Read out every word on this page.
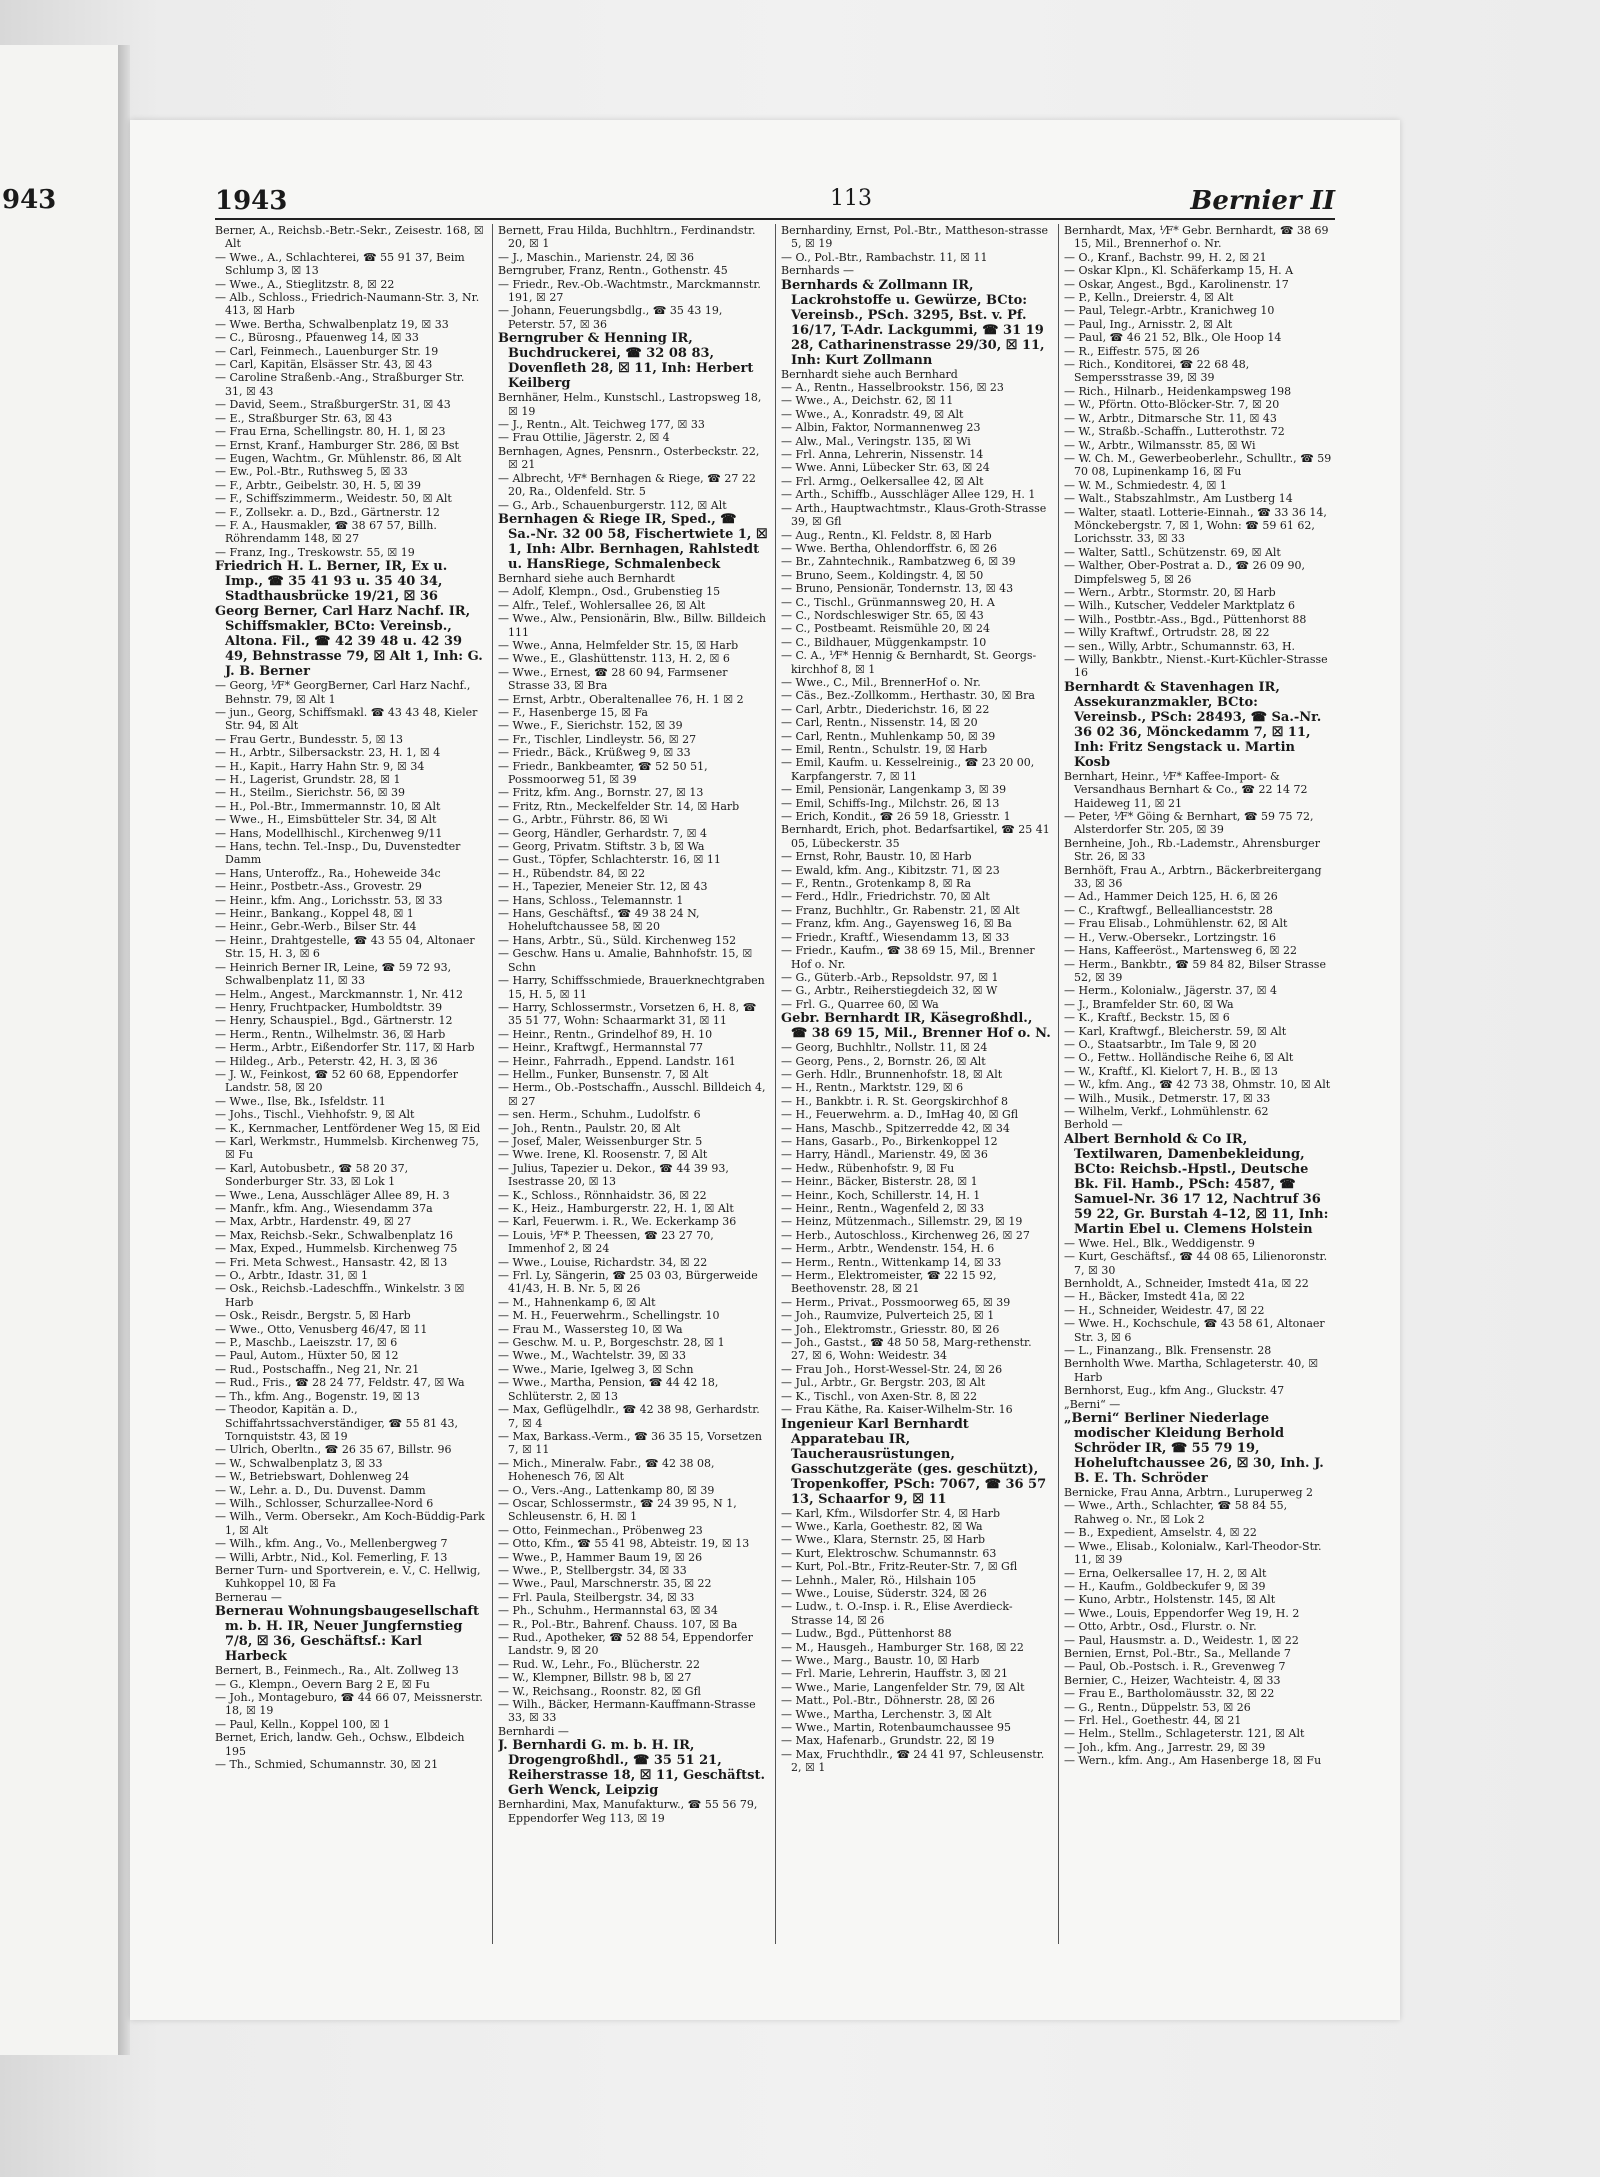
943	1943	113	Bernier II
Berner, A., Reichsb.-Betr.-Sekr., Zeisestr. 168, ☒ Alt
— Wwe., A., Schlachterei, ☎ 55 91 37, Beim Schlump 3, ☒ 13
— Wwe., A., Stieglitzstr. 8, ☒ 22
— Alb., Schloss., Friedrich-Naumann-Str. 3, Nr. 413, ☒ Harb
— Wwe. Bertha, Schwalbenplatz 19, ☒ 33
— C., Bürosng., Pfauenweg 14, ☒ 33
— Carl, Feinmech., Lauenburger Str. 19
— Carl, Kapitän, Elsässer Str. 43, ☒ 43
— Caroline Straßenb.-Ang., Straßburger Str. 31, ☒ 43
— David, Seem., StraßburgerStr. 31, ☒ 43
— E., Straßburger Str. 63, ☒ 43
— Frau Erna, Schellingstr. 80, H. 1, ☒ 23
— Ernst, Kranf., Hamburger Str. 286, ☒ Bst
— Eugen, Wachtm., Gr. Mühlenstr. 86, ☒ Alt
— Ew., Pol.-Btr., Ruthsweg 5, ☒ 33
— F., Arbtr., Geibelstr. 30, H. 5, ☒ 39
— F., Schiffszimmerm., Weidestr. 50, ☒ Alt
— F., Zollsekr. a. D., Bzd., Gärtnerstr. 12
— F. A., Hausmakler, ☎ 38 67 57, Billh. Röhrendamm 148, ☒ 27
— Franz, Ing., Treskowstr. 55, ☒ 19
Friedrich H. L. Berner, IR, Ex u. Imp., ☎ 35 41 93 u. 35 40 34, Stadthausbrücke 19/21, ☒ 36
Georg Berner, Carl Harz Nachf. IR, Schiffsmakler, BCto: Vereinsb., Altona. Fil., ☎ 42 39 48 u. 42 39 49, Behnstrasse 79, ☒ Alt 1, Inh: G. J. B. Berner
— Georg, ⅟F* GeorgBerner, Carl Harz Nachf., Behnstr. 79, ☒ Alt 1
— jun., Georg, Schiffsmakl. ☎ 43 43 48, Kieler Str. 94, ☒ Alt
— Frau Gertr., Bundesstr. 5, ☒ 13
— H., Arbtr., Silbersackstr. 23, H. 1, ☒ 4
— H., Kapit., Harry Hahn Str. 9, ☒ 34
— H., Lagerist, Grundstr. 28, ☒ 1
— H., Steilm., Sierichstr. 56, ☒ 39
— H., Pol.-Btr., Immermannstr. 10, ☒ Alt
— Wwe., H., Eimsbütteler Str. 34, ☒ Alt
— Hans, Modellhischl., Kirchenweg 9/11
— Hans, techn. Tel.-Insp., Du, Duvenstedter Damm
— Hans, Unteroffz., Ra., Hoheweide 34c
— Heinr., Postbetr.-Ass., Grovestr. 29
— Heinr., kfm. Ang., Lorichsstr. 53, ☒ 33
— Heinr., Bankang., Koppel 48, ☒ 1
— Heinr., Gebr.-Werb., Bilser Str. 44
— Heinr., Drahtgestelle, ☎ 43 55 04, Altonaer Str. 15, H. 3, ☒ 6
— Heinrich Berner IR, Leine, ☎ 59 72 93, Schwalbenplatz 11, ☒ 33
— Helm., Angest., Marckmannstr. 1, Nr. 412
— Henry, Fruchtpacker, Humboldtstr. 39
— Henry, Schauspiel., Bgd., Gärtnerstr. 12
— Herm., Rentn., Wilhelmstr. 36, ☒ Harb
— Herm., Arbtr., Eißendorfer Str. 117, ☒ Harb
— Hildeg., Arb., Peterstr. 42, H. 3, ☒ 36
— J. W., Feinkost, ☎ 52 60 68, Eppendorfer Landstr. 58, ☒ 20
— Wwe., Ilse, Bk., Isfeldstr. 11
— Johs., Tischl., Viehhofstr. 9, ☒ Alt
— K., Kernmacher, Lentfördener Weg 15, ☒ Eid
— Karl, Werkmstr., Hummelsb. Kirchenweg 75, ☒ Fu
— Karl, Autobusbetr., ☎ 58 20 37, Sonderburger Str. 33, ☒ Lok 1
— Wwe., Lena, Ausschläger Allee 89, H. 3
— Manfr., kfm. Ang., Wiesendamm 37a
— Max, Arbtr., Hardenstr. 49, ☒ 27
— Max, Reichsb.-Sekr., Schwalbenplatz 16
— Max, Exped., Hummelsb. Kirchenweg 75
— Fri. Meta Schwest., Hansastr. 42, ☒ 13
— O., Arbtr., Idastr. 31, ☒ 1
— Osk., Reichsb.-Ladeschffn., Winkelstr. 3 ☒ Harb
— Osk., Reisdr., Bergstr. 5, ☒ Harb
— Wwe., Otto, Venusberg 46/47, ☒ 11
— P., Maschb., Laeiszstr. 17, ☒ 6
— Paul, Autom., Hüxter 50, ☒ 12
— Rud., Postschaffn., Neg 21, Nr. 21
— Rud., Fris., ☎ 28 24 77, Feldstr. 47, ☒ Wa
— Th., kfm. Ang., Bogenstr. 19, ☒ 13
— Theodor, Kapitän a. D., Schiffahrtssachverständiger, ☎ 55 81 43, Tornquiststr. 43, ☒ 19
— Ulrich, Oberltn., ☎ 26 35 67, Billstr. 96
— W., Schwalbenplatz 3, ☒ 33
— W., Betriebswart, Dohlenweg 24
— W., Lehr. a. D., Du. Duvenst. Damm
— Wilh., Schlosser, Schurzallee-Nord 6
— Wilh., Verm. Obersekr., Am Koch-Büddig-Park 1, ☒ Alt
— Wilh., kfm. Ang., Vo., Mellenbergweg 7
— Willi, Arbtr., Nid., Kol. Femerling, F. 13
Berner Turn- und Sportverein, e. V., C. Hellwig, Kuhkoppel 10, ☒ Fa
Bernerau —
Bernerau Wohnungsbaugesellschaft m. b. H. IR, Neuer Jungfernstieg 7/8, ☒ 36, Geschäftsf.: Karl Harbeck
Bernert, B., Feinmech., Ra., Alt. Zollweg 13
— G., Klempn., Oevern Barg 2 E, ☒ Fu
— Joh., Montageburo, ☎ 44 66 07, Meissnerstr. 18, ☒ 19
— Paul, Kelln., Koppel 100, ☒ 1
Bernet, Erich, landw. Geh., Ochsw., Elbdeich 195
— Th., Schmied, Schumannstr. 30, ☒ 21
Bernett, Frau Hilda, Buchhltrn., Ferdinandstr. 20, ☒ 1
— J., Maschin., Marienstr. 24, ☒ 36
Berngruber, Franz, Rentn., Gothenstr. 45
— Friedr., Rev.-Ob.-Wachtmstr., Marckmannstr. 191, ☒ 27
— Johann, Feuerungsbdlg., ☎ 35 43 19, Peterstr. 57, ☒ 36
Berngruber & Henning IR, Buchdruckerei, ☎ 32 08 83, Dovenfleth 28, ☒ 11, Inh: Herbert Keilberg
Bernhäner, Helm., Kunstschl., Lastropsweg 18, ☒ 19
— J., Rentn., Alt. Teichweg 177, ☒ 33
— Frau Ottilie, Jägerstr. 2, ☒ 4
Bernhagen, Agnes, Pensnrn., Osterbeckstr. 22, ☒ 21
— Albrecht, ⅟F* Bernhagen & Riege, ☎ 27 22 20, Ra., Oldenfeld. Str. 5
— G., Arb., Schauenburgerstr. 112, ☒ Alt
Bernhagen & Riege IR, Sped., ☎ Sa.-Nr. 32 00 58, Fischertwiete 1, ☒ 1, Inh: Albr. Bernhagen, Rahlstedt u. HansRiege, Schmalenbeck
Bernhard siehe auch Bernhardt
— Adolf, Klempn., Osd., Grubenstieg 15
— Alfr., Telef., Wohlersallee 26, ☒ Alt
— Wwe., Alw., Pensionärin, Blw., Billw. Billdeich 111
— Wwe., Anna, Helmfelder Str. 15, ☒ Harb
— Wwe., E., Glashüttenstr. 113, H. 2, ☒ 6
— Wwe., Ernest, ☎ 28 60 94, Farmsener Strasse 33, ☒ Bra
— Ernst, Arbtr., Oberaltenallee 76, H. 1 ☒ 2
— F., Hasenberge 15, ☒ Fa
— Wwe., F., Sierichstr. 152, ☒ 39
— Fr., Tischler, Lindleystr. 56, ☒ 27
— Friedr., Bäck., Krüßweg 9, ☒ 33
— Friedr., Bankbeamter, ☎ 52 50 51, Possmoorweg 51, ☒ 39
— Fritz, kfm. Ang., Bornstr. 27, ☒ 13
— Fritz, Rtn., Meckelfelder Str. 14, ☒ Harb
— G., Arbtr., Führstr. 86, ☒ Wi
— Georg, Händler, Gerhardstr. 7, ☒ 4
— Georg, Privatm. Stiftstr. 3 b, ☒ Wa
— Gust., Töpfer, Schlachterstr. 16, ☒ 11
— H., Rübendstr. 84, ☒ 22
— H., Tapezier, Meneier Str. 12, ☒ 43
— Hans, Schloss., Telemannstr. 1
— Hans, Geschäftsf., ☎ 49 38 24 N, Hoheluftchaussee 58, ☒ 20
— Hans, Arbtr., Sü., Süld. Kirchenweg 152
— Geschw. Hans u. Amalie, Bahnhofstr. 15, ☒ Schn
— Harry, Schiffsschmiede, Brauerknechtgraben 15, H. 5, ☒ 11
— Harry, Schlossermstr., Vorsetzen 6, H. 8, ☎ 35 51 77, Wohn: Schaarmarkt 31, ☒ 11
— Heinr., Rentn., Grindelhof 89, H. 10
— Heinr., Kraftwgf., Hermannstal 77
— Heinr., Fahrradh., Eppend. Landstr. 161
— Hellm., Funker, Bunsenstr. 7, ☒ Alt
— Herm., Ob.-Postschaffn., Ausschl. Billdeich 4, ☒ 27
— sen. Herm., Schuhm., Ludolfstr. 6
— Joh., Rentn., Paulstr. 20, ☒ Alt
— Josef, Maler, Weissenburger Str. 5
— Wwe. Irene, Kl. Roosenstr. 7, ☒ Alt
— Julius, Tapezier u. Dekor., ☎ 44 39 93, Isestrasse 20, ☒ 13
— K., Schloss., Rönnhaidstr. 36, ☒ 22
— K., Heiz., Hamburgerstr. 22, H. 1, ☒ Alt
— Karl, Feuerwm. i. R., We. Eckerkamp 36
— Louis, ⅟F* P. Theessen, ☎ 23 27 70, Immenhof 2, ☒ 24
— Wwe., Louise, Richardstr. 34, ☒ 22
— Frl. Ly, Sängerin, ☎ 25 03 03, Bürgerweide 41/43, H. B. Nr. 5, ☒ 26
— M., Hahnenkamp 6, ☒ Alt
— M. H., Feuerwehrm., Schellingstr. 10
— Frau M., Wassersteg 10, ☒ Wa
— Geschw. M. u. P., Borgeschstr. 28, ☒ 1
— Wwe., M., Wachtelstr. 39, ☒ 33
— Wwe., Marie, Igelweg 3, ☒ Schn
— Wwe., Martha, Pension, ☎ 44 42 18, Schlüterstr. 2, ☒ 13
— Max, Geflügelhdlr., ☎ 42 38 98, Gerhardstr. 7, ☒ 4
— Max, Barkass.-Verm., ☎ 36 35 15, Vorsetzen 7, ☒ 11
— Mich., Mineralw. Fabr., ☎ 42 38 08, Hohenesch 76, ☒ Alt
— O., Vers.-Ang., Lattenkamp 80, ☒ 39
— Oscar, Schlossermstr., ☎ 24 39 95, N 1, Schleusenstr. 6, H. ☒ 1
— Otto, Feinmechan., Pröbenweg 23
— Otto, Kfm., ☎ 55 41 98, Abteistr. 19, ☒ 13
— Wwe., P., Hammer Baum 19, ☒ 26
— Wwe., P., Stellbergstr. 34, ☒ 33
— Wwe., Paul, Marschnerstr. 35, ☒ 22
— Frl. Paula, Steilbergstr. 34, ☒ 33
— Ph., Schuhm., Hermannstal 63, ☒ 34
— R., Pol.-Btr., Bahrenf. Chauss. 107, ☒ Ba
— Rud., Apotheker, ☎ 52 88 54, Eppendorfer Landstr. 9, ☒ 20
— Rud. W., Lehr., Fo., Blücherstr. 22
— W., Klempner, Billstr. 98 b, ☒ 27
— W., Reichsang., Roonstr. 82, ☒ Gfl
— Wilh., Bäcker, Hermann-Kauffmann-Strasse 33, ☒ 33
Bernhardi —
J. Bernhardi G. m. b. H. IR, Drogengroßhdl., ☎ 35 51 21, Reiherstrasse 18, ☒ 11, Geschäftst. Gerh Wenck, Leipzig
Bernhardini, Max, Manufakturw., ☎ 55 56 79, Eppendorfer Weg 113, ☒ 19
Bernhardiny, Ernst, Pol.-Btr., Mattheson-strasse 5, ☒ 19
— O., Pol.-Btr., Rambachstr. 11, ☒ 11
Bernhards —
Bernhards & Zollmann IR, Lackrohstoffe u. Gewürze, BCto: Vereinsb., PSch. 3295, Bst. v. Pf. 16/17, T-Adr. Lackgummi, ☎ 31 19 28, Catharinenstrasse 29/30, ☒ 11, Inh: Kurt Zollmann
Bernhardt siehe auch Bernhard
— A., Rentn., Hasselbrookstr. 156, ☒ 23
— Wwe., A., Deichstr. 62, ☒ 11
— Wwe., A., Konradstr. 49, ☒ Alt
— Albin, Faktor, Normannenweg 23
— Alw., Mal., Veringstr. 135, ☒ Wi
— Frl. Anna, Lehrerin, Nissenstr. 14
— Wwe. Anni, Lübecker Str. 63, ☒ 24
— Frl. Armg., Oelkersallee 42, ☒ Alt
— Arth., Schiffb., Ausschläger Allee 129, H. 1
— Arth., Hauptwachtmstr., Klaus-Groth-Strasse 39, ☒ Gfl
— Aug., Rentn., Kl. Feldstr. 8, ☒ Harb
— Wwe. Bertha, Ohlendorffstr. 6, ☒ 26
— Br., Zahntechnik., Rambatzweg 6, ☒ 39
— Bruno, Seem., Koldingstr. 4, ☒ 50
— Bruno, Pensionär, Tondernstr. 13, ☒ 43
— C., Tischl., Grünmannsweg 20, H. A
— C., Nordschleswiger Str. 65, ☒ 43
— C., Postbeamt. Reismühle 20, ☒ 24
— C., Bildhauer, Müggenkampstr. 10
— C. A., ⅟F* Hennig & Bernhardt, St. Georgs-kirchhof 8, ☒ 1
— Wwe., C., Mil., BrennerHof o. Nr.
— Cäs., Bez.-Zollkomm., Herthastr. 30, ☒ Bra
— Carl, Arbtr., Diederichstr. 16, ☒ 22
— Carl, Rentn., Nissenstr. 14, ☒ 20
— Carl, Rentn., Muhlenkamp 50, ☒ 39
— Emil, Rentn., Schulstr. 19, ☒ Harb
— Emil, Kaufm. u. Kesselreinig., ☎ 23 20 00, Karpfangerstr. 7, ☒ 11
— Emil, Pensionär, Langenkamp 3, ☒ 39
— Emil, Schiffs-Ing., Milchstr. 26, ☒ 13
— Erich, Kondit., ☎ 26 59 18, Griesstr. 1
Bernhardt, Erich, phot. Bedarfsartikel, ☎ 25 41 05, Lübeckerstr. 35
— Ernst, Rohr, Baustr. 10, ☒ Harb
— Ewald, kfm. Ang., Kibitzstr. 71, ☒ 23
— F., Rentn., Grotenkamp 8, ☒ Ra
— Ferd., Hdlr., Friedrichstr. 70, ☒ Alt
— Franz, Buchhltr., Gr. Rabenstr. 21, ☒ Alt
— Franz, kfm. Ang., Gayensweg 16, ☒ Ba
— Friedr., Kraftf., Wiesendamm 13, ☒ 33
— Friedr., Kaufm., ☎ 38 69 15, Mil., Brenner Hof o. Nr.
— G., Güterb.-Arb., Repsoldstr. 97, ☒ 1
— G., Arbtr., Reiherstiegdeich 32, ☒ W
— Frl. G., Quarree 60, ☒ Wa
Gebr. Bernhardt IR, Käsegroßhdl., ☎ 38 69 15, Mil., Brenner Hof o. N.
— Georg, Buchhltr., Nollstr. 11, ☒ 24
— Georg, Pens., 2, Bornstr. 26, ☒ Alt
— Gerh. Hdlr., Brunnenhofstr. 18, ☒ Alt
— H., Rentn., Marktstr. 129, ☒ 6
— H., Bankbtr. i. R. St. Georgskirchhof 8
— H., Feuerwehrm. a. D., ImHag 40, ☒ Gfl
— Hans, Maschb., Spitzerredde 42, ☒ 34
— Hans, Gasarb., Po., Birkenkoppel 12
— Harry, Händl., Marienstr. 49, ☒ 36
— Hedw., Rübenhofstr. 9, ☒ Fu
— Heinr., Bäcker, Bisterstr. 28, ☒ 1
— Heinr., Koch, Schillerstr. 14, H. 1
— Heinr., Rentn., Wagenfeld 2, ☒ 33
— Heinz, Mützenmach., Sillemstr. 29, ☒ 19
— Herb., Autoschloss., Kirchenweg 26, ☒ 27
— Herm., Arbtr., Wendenstr. 154, H. 6
— Herm., Rentn., Wittenkamp 14, ☒ 33
— Herm., Elektromeister, ☎ 22 15 92, Beethovenstr. 28, ☒ 21
— Herm., Privat., Possmoorweg 65, ☒ 39
— Joh., Raumvize, Pulverteich 25, ☒ 1
— Joh., Elektromstr., Griesstr. 80, ☒ 26
— Joh., Gastst., ☎ 48 50 58, Marg-rethenstr. 27, ☒ 6, Wohn: Weidestr. 34
— Frau Joh., Horst-Wessel-Str. 24, ☒ 26
— Jul., Arbtr., Gr. Bergstr. 203, ☒ Alt
— K., Tischl., von Axen-Str. 8, ☒ 22
— Frau Käthe, Ra. Kaiser-Wilhelm-Str. 16
Ingenieur Karl Bernhardt Apparatebau IR, Taucherausrüstungen, Gasschutzgeräte (ges. geschützt), Tropenkoffer, PSch: 7067, ☎ 36 57 13, Schaarfor 9, ☒ 11
— Karl, Kfm., Wilsdorfer Str. 4, ☒ Harb
— Wwe., Karla, Goethestr. 82, ☒ Wa
— Wwe., Klara, Sternstr. 25, ☒ Harb
— Kurt, Elektroschw. Schumannstr. 63
— Kurt, Pol.-Btr., Fritz-Reuter-Str. 7, ☒ Gfl
— Lehnh., Maler, Rö., Hilshain 105
— Wwe., Louise, Süderstr. 324, ☒ 26
— Ludw., t. O.-Insp. i. R., Elise Averdieck-Strasse 14, ☒ 26
— Ludw., Bgd., Püttenhorst 88
— M., Hausgeh., Hamburger Str. 168, ☒ 22
— Wwe., Marg., Baustr. 10, ☒ Harb
— Frl. Marie, Lehrerin, Hauffstr. 3, ☒ 21
— Wwe., Marie, Langenfelder Str. 79, ☒ Alt
— Matt., Pol.-Btr., Döhnerstr. 28, ☒ 26
— Wwe., Martha, Lerchenstr. 3, ☒ Alt
— Wwe., Martin, Rotenbaumchaussee 95
— Max, Hafenarb., Grundstr. 22, ☒ 19
— Max, Fruchthdlr., ☎ 24 41 97, Schleusenstr. 2, ☒ 1
Bernhardt, Max, ⅟F* Gebr. Bernhardt, ☎ 38 69 15, Mil., Brennerhof o. Nr.
— O., Kranf., Bachstr. 99, H. 2, ☒ 21
— Oskar Klpn., Kl. Schäferkamp 15, H. A
— Oskar, Angest., Bgd., Karolinenstr. 17
— P., Kelln., Dreierstr. 4, ☒ Alt
— Paul, Telegr.-Arbtr., Kranichweg 10
— Paul, Ing., Arnisstr. 2, ☒ Alt
— Paul, ☎ 46 21 52, Blk., Ole Hoop 14
— R., Eiffestr. 575, ☒ 26
— Rich., Konditorei, ☎ 22 68 48, Sempersstrasse 39, ☒ 39
— Rich., Hilnarb., Heidenkampsweg 198
— W., Pförtn. Otto-Blöcker-Str. 7, ☒ 20
— W., Arbtr., Ditmarsche Str. 11, ☒ 43
— W., Straßb.-Schaffn., Lutterothstr. 72
— W., Arbtr., Wilmansstr. 85, ☒ Wi
— W. Ch. M., Gewerbeoberlehr., Schulltr., ☎ 59 70 08, Lupinenkamp 16, ☒ Fu
— W. M., Schmiedestr. 4, ☒ 1
— Walt., Stabszahlmstr., Am Lustberg 14
— Walter, staatl. Lotterie-Einnah., ☎ 33 36 14, Mönckebergstr. 7, ☒ 1, Wohn: ☎ 59 61 62, Lorichsstr. 33, ☒ 33
— Walter, Sattl., Schützenstr. 69, ☒ Alt
— Walther, Ober-Postrat a. D., ☎ 26 09 90, Dimpfelsweg 5, ☒ 26
— Wern., Arbtr., Stormstr. 20, ☒ Harb
— Wilh., Kutscher, Veddeler Marktplatz 6
— Wilh., Postbtr.-Ass., Bgd., Püttenhorst 88
— Willy Kraftwf., Ortrudstr. 28, ☒ 22
— sen., Willy, Arbtr., Schumannstr. 63, H.
— Willy, Bankbtr., Nienst.-Kurt-Küchler-Strasse 16
Bernhardt & Stavenhagen IR, Assekuranzmakler, BCto: Vereinsb., PSch: 28493, ☎ Sa.-Nr. 36 02 36, Mönckedamm 7, ☒ 11, Inh: Fritz Sengstack u. Martin Kosb
Bernhart, Heinr., ⅟F* Kaffee-Import- & Versandhaus Bernhart & Co., ☎ 22 14 72 Haideweg 11, ☒ 21
— Peter, ⅟F* Göing & Bernhart, ☎ 59 75 72, Alsterdorfer Str. 205, ☒ 39
Bernheine, Joh., Rb.-Lademstr., Ahrensburger Str. 26, ☒ 33
Bernhöft, Frau A., Arbtrn., Bäckerbreitergang 33, ☒ 36
— Ad., Hammer Deich 125, H. 6, ☒ 26
— C., Kraftwgf., Belleallianceststr. 28
— Frau Elisab., Lohmühlenstr. 62, ☒ Alt
— H., Verw.-Obersekr., Lortzingstr. 16
— Hans, Kaffeeröst., Martensweg 6, ☒ 22
— Herm., Bankbtr., ☎ 59 84 82, Bilser Strasse 52, ☒ 39
— Herm., Kolonialw., Jägerstr. 37, ☒ 4
— J., Bramfelder Str. 60, ☒ Wa
— K., Kraftf., Beckstr. 15, ☒ 6
— Karl, Kraftwgf., Bleicherstr. 59, ☒ Alt
— O., Staatsarbtr., Im Tale 9, ☒ 20
— O., Fettw.. Holländische Reihe 6, ☒ Alt
— W., Kraftf., Kl. Kielort 7, H. B., ☒ 13
— W., kfm. Ang., ☎ 42 73 38, Ohmstr. 10, ☒ Alt
— Wilh., Musik., Detmerstr. 17, ☒ 33
— Wilhelm, Verkf., Lohmühlenstr. 62
Berhold —
Albert Bernhold & Co IR, Textilwaren, Damenbekleidung, BCto: Reichsb.-Hpstl., Deutsche Bk. Fil. Hamb., PSch: 4587, ☎ Samuel-Nr. 36 17 12, Nachtruf 36 59 22, Gr. Burstah 4–12, ☒ 11, Inh: Martin Ebel u. Clemens Holstein
— Wwe. Hel., Blk., Weddigenstr. 9
— Kurt, Geschäftsf., ☎ 44 08 65, Lilienoronstr. 7, ☒ 30
Bernholdt, A., Schneider, Imstedt 41a, ☒ 22
— H., Bäcker, Imstedt 41a, ☒ 22
— H., Schneider, Weidestr. 47, ☒ 22
— Wwe. H., Kochschule, ☎ 43 58 61, Altonaer Str. 3, ☒ 6
— L., Finanzang., Blk. Frensenstr. 28
Bernholth Wwe. Martha, Schlageterstr. 40, ☒ Harb
Bernhorst, Eug., kfm Ang., Gluckstr. 47
„Berni“ —
„Berni“ Berliner Niederlage modischer Kleidung Berhold Schröder IR, ☎ 55 79 19, Hoheluftchaussee 26, ☒ 30, Inh. J. B. E. Th. Schröder
Bernicke, Frau Anna, Arbtrn., Luruperweg 2
— Wwe., Arth., Schlachter, ☎ 58 84 55, Rahweg o. Nr., ☒ Lok 2
— B., Expedient, Amselstr. 4, ☒ 22
— Wwe., Elisab., Kolonialw., Karl-Theodor-Str. 11, ☒ 39
— Erna, Oelkersallee 17, H. 2, ☒ Alt
— H., Kaufm., Goldbeckufer 9, ☒ 39
— Kuno, Arbtr., Holstenstr. 145, ☒ Alt
— Wwe., Louis, Eppendorfer Weg 19, H. 2
— Otto, Arbtr., Osd., Flurstr. o. Nr.
— Paul, Hausmstr. a. D., Weidestr. 1, ☒ 22
Bernien, Ernst, Pol.-Btr., Sa., Mellande 7
— Paul, Ob.-Postsch. i. R., Grevenweg 7
Bernier, C., Heizer, Wachteistr. 4, ☒ 33
— Frau E., Bartholomäusstr. 32, ☒ 22
— G., Rentn., Düppelstr. 53, ☒ 26
— Frl. Hel., Goethestr. 44, ☒ 21
— Helm., Stellm., Schlageterstr. 121, ☒ Alt
— Joh., kfm. Ang., Jarrestr. 29, ☒ 39
— Wern., kfm. Ang., Am Hasenberge 18, ☒ Fu
